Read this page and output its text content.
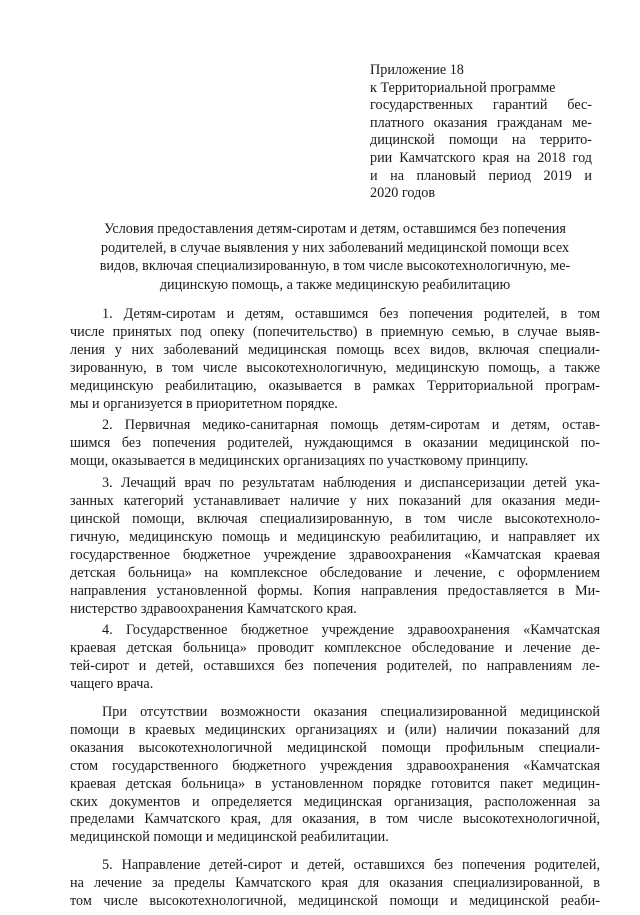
Приложение 18
к Территориальной программе
государственных гарантий бес-
платного оказания гражданам ме-
дицинской помощи на террито-
рии Камчатского края на 2018 год
и на плановый период 2019 и
2020 годов
Условия предоставления детям-сиротам и детям, оставшимся без попечения
родителей, в случае выявления у них заболеваний медицинской помощи всех
видов, включая специализированную, в том числе высокотехнологичную, ме-
дицинскую помощь, а также медицинскую реабилитацию
1. Детям-сиротам и детям, оставшимся без попечения родителей, в том
числе принятых под опеку (попечительство) в приемную семью, в случае выяв-
ления у них заболеваний медицинская помощь всех видов, включая специали-
зированную, в том числе высокотехнологичную, медицинскую помощь, а также
медицинскую реабилитацию, оказывается в рамках Территориальной програм-
мы и организуется в приоритетном порядке.
2. Первичная медико-санитарная помощь детям-сиротам и детям, остав-
шимся без попечения родителей, нуждающимся в оказании медицинской по-
мощи, оказывается в медицинских организациях по участковому принципу.
3. Лечащий врач по результатам наблюдения и диспансеризации детей ука-
занных категорий устанавливает наличие у них показаний для оказания меди-
цинской помощи, включая специализированную, в том числе высокотехноло-
гичную, медицинскую помощь и медицинскую реабилитацию, и направляет их
государственное бюджетное учреждение здравоохранения «Камчатская краевая
детская больница» на комплексное обследование и лечение, с оформлением
направления установленной формы. Копия направления предоставляется в Ми-
нистерство здравоохранения Камчатского края.
4. Государственное бюджетное учреждение здравоохранения «Камчатская
краевая детская больница» проводит комплексное обследование и лечение де-
тей-сирот и детей, оставшихся без попечения родителей, по направлениям ле-
чащего врача.
При отсутствии возможности оказания специализированной медицинской
помощи в краевых медицинских организациях и (или) наличии показаний для
оказания высокотехнологичной медицинской помощи профильным специали-
стом государственного бюджетного учреждения здравоохранения «Камчатская
краевая детская больница» в установленном порядке готовится пакет медицин-
ских документов и определяется медицинская организация, расположенная за
пределами Камчатского края, для оказания, в том числе высокотехнологичной,
медицинской помощи и медицинской реабилитации.
5. Направление детей-сирот и детей, оставшихся без попечения родителей,
на лечение за пределы Камчатского края для оказания специализированной, в
том числе высокотехнологичной, медицинской помощи и медицинской реаби-
